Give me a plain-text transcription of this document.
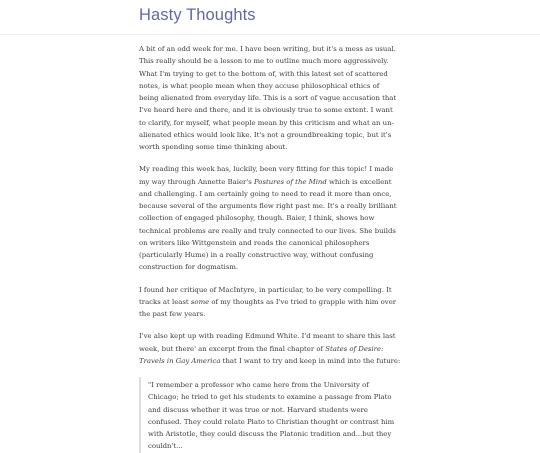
Hasty Thoughts

A bit of an odd week for me. I have been writing, but it's a mess as usual. This really should be a lesson to me to outline much more aggressively. What I'm trying to get to the bottom of, with this latest set of scattered notes, is what people mean when they accuse philosophical ethics of being alienated from everyday life. This is a sort of vague accusation that I've heard here and there, and it is obviously true to some extent. I want to clarify, for myself, what people mean by this criticism and what an un-alienated ethics would look like. It's not a groundbreaking topic, but it's worth spending some time thinking about.

My reading this week has, luckily, been very fitting for this topic! I made my way through Annette Baier's Postures of the Mind which is excellent and challenging. I am certainly going to need to read it more than once, because several of the arguments flew right past me. It's a really brilliant collection of engaged philosophy, though. Baier, I think, shows how technical problems are really and truly connected to our lives. She builds on writers like Wittgenstein and reads the canonical philosophers (particularly Hume) in a really constructive way, without confusing construction for dogmatism.

I found her critique of MacIntyre, in particular, to be very compelling. It tracks at least some of my thoughts as I've tried to grapple with him over the past few years.

I've also kept up with reading Edmund White. I'd meant to share this last week, but there' an excerpt from the final chapter of States of Desire: Travels in Gay America that I want to try and keep in mind into the future:

"I remember a professor who came here from the University of Chicago; he tried to get his students to examine a passage from Plato and discuss whether it was true or not. Harvard students were confused. They could relate Plato to Christian thought or contrast him with Aristotle, they could discuss the Platonic tradition and...but they couldn't...
